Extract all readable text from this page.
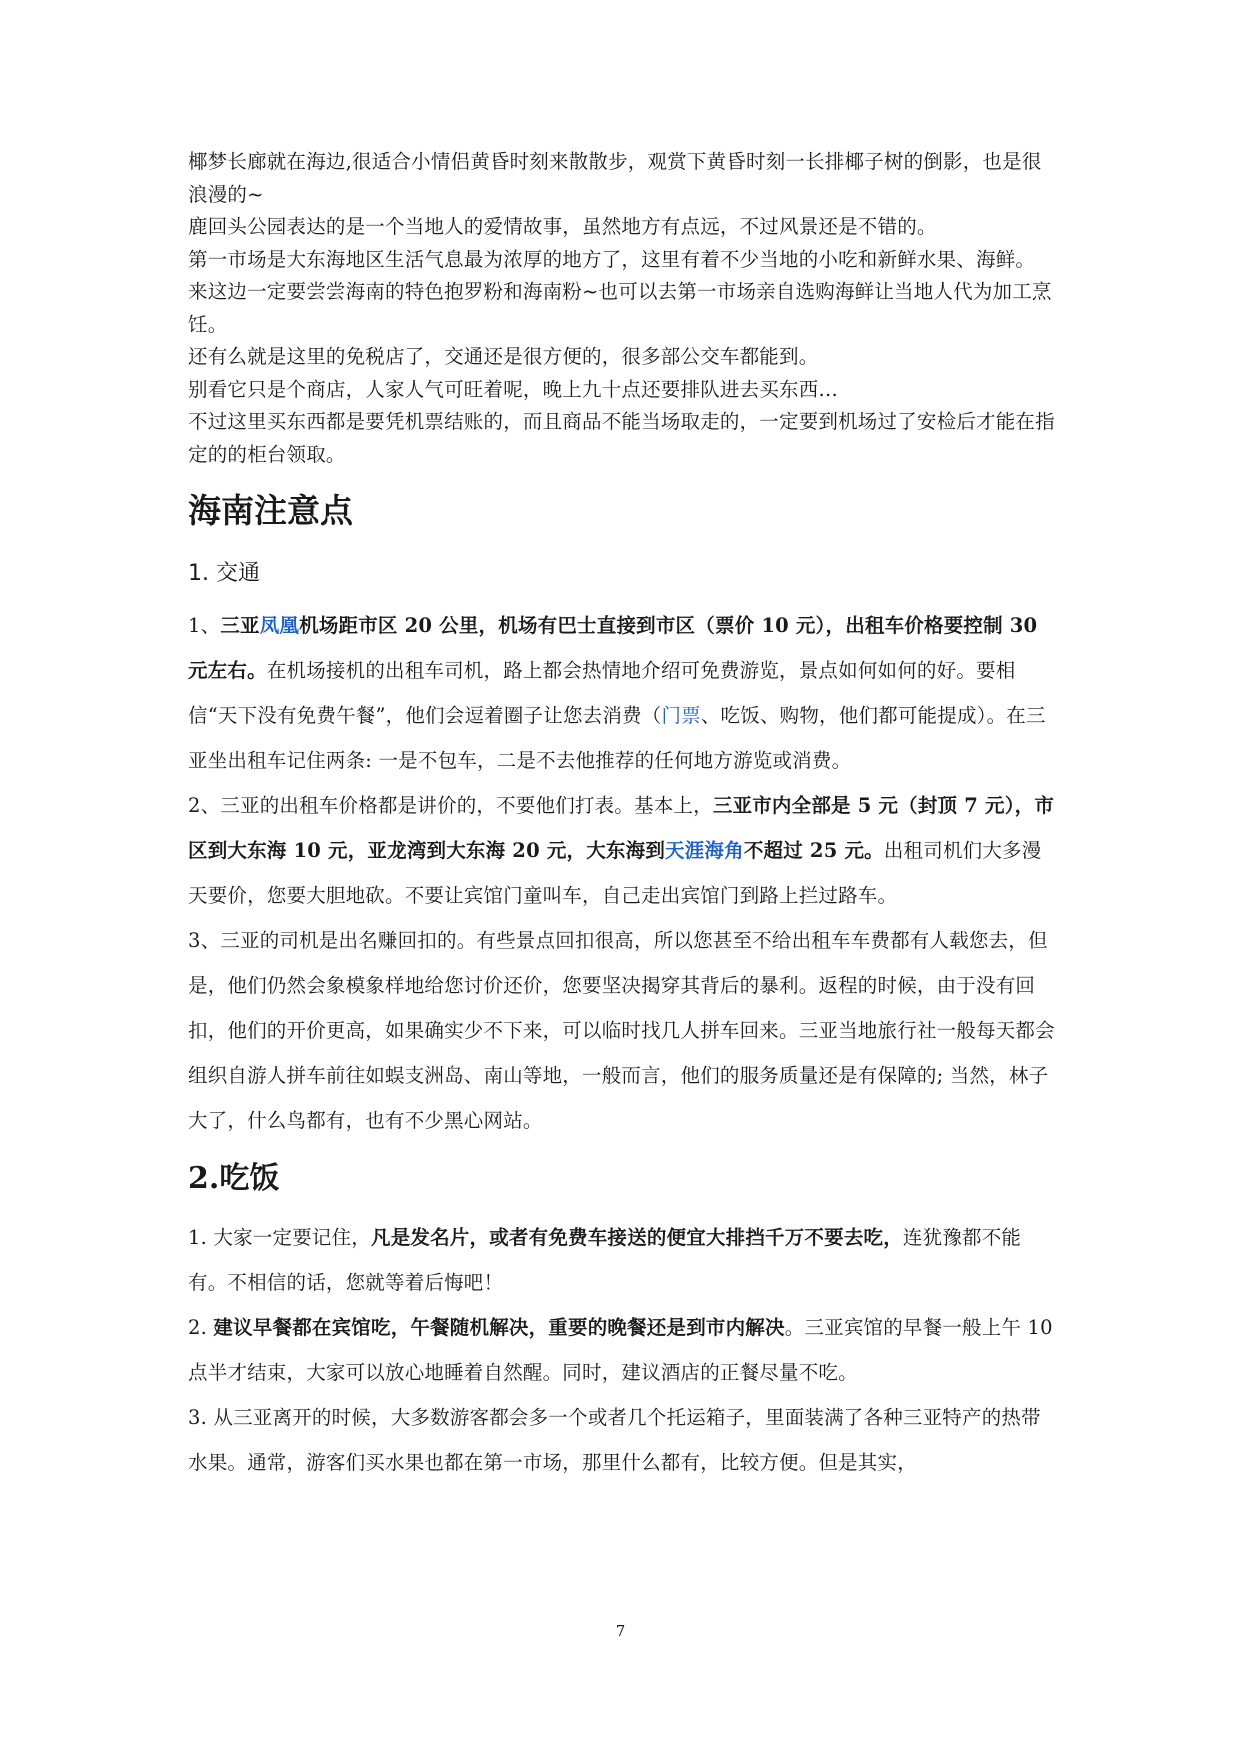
椰梦长廊就在海边,很适合小情侣黄昏时刻来散散步，观赏下黄昏时刻一长排椰子树的倒影，也是很浪漫的~

鹿回头公园表达的是一个当地人的爱情故事，虽然地方有点远，不过风景还是不错的。

第一市场是大东海地区生活气息最为浓厚的地方了，这里有着不少当地的小吃和新鲜水果、海鲜。

来这边一定要尝尝海南的特色抱罗粉和海南粉~也可以去第一市场亲自选购海鲜让当地人代为加工烹饪。

还有么就是这里的免税店了，交通还是很方便的，很多部公交车都能到。

别看它只是个商店，人家人气可旺着呢，晚上九十点还要排队进去买东西…

不过这里买东西都是要凭机票结账的，而且商品不能当场取走的，一定要到机场过了安检后才能在指定的的柜台领取。

海南注意点
1. 交通

1、三亚凤凰机场距市区 20 公里，机场有巴士直接到市区（票价 10 元），出租车价格要控制 30 元左右。在机场接机的出租车司机，路上都会热情地介绍可免费游览，景点如何如何的好。要相信“天下没有免费午餐”，他们会逗着圈子让您去消费（门票、吃饭、购物，他们都可能提成）。在三亚坐出租车记住两条: 一是不包车，二是不去他推荐的任何地方游览或消费。

2、三亚的出租车价格都是讲价的，不要他们打表。基本上，三亚市内全部是 5 元（封顶 7 元），市区到大东海 10 元，亚龙湾到大东海 20 元，大东海到天涯海角不超过 25 元。出租司机们大多漫天要价，您要大胆地砍。不要让宾馆门童叫车，自己走出宾馆门到路上拦过路车。

3、三亚的司机是出名赚回扣的。有些景点回扣很高，所以您甚至不给出租车车费都有人载您去，但是，他们仍然会象模象样地给您讨价还价，您要坚决揭穿其背后的暴利。返程的时候，由于没有回扣，他们的开价更高，如果确实少不下来，可以临时找几人拼车回来。三亚当地旅行社一般每天都会组织自游人拼车前往如蜈支洲岛、南山等地，一般而言，他们的服务质量还是有保障的; 当然，林子大了，什么鸟都有，也有不少黑心网站。

2.吃饭

1. 大家一定要记住，凡是发名片，或者有免费车接送的便宜大排挡千万不要去吃，连犹豫都不能有。不相信的话，您就等着后悔吧！

2. 建议早餐都在宾馆吃，午餐随机解决，重要的晚餐还是到市内解决。三亚宾馆的早餐一般上午 10 点半才结束，大家可以放心地睡着自然醒。同时，建议酒店的正餐尽量不吃。

3. 从三亚离开的时候，大多数游客都会多一个或者几个托运箱子，里面装满了各种三亚特产的热带水果。通常，游客们买水果也都在第一市场，那里什么都有，比较方便。但是其实，

7
